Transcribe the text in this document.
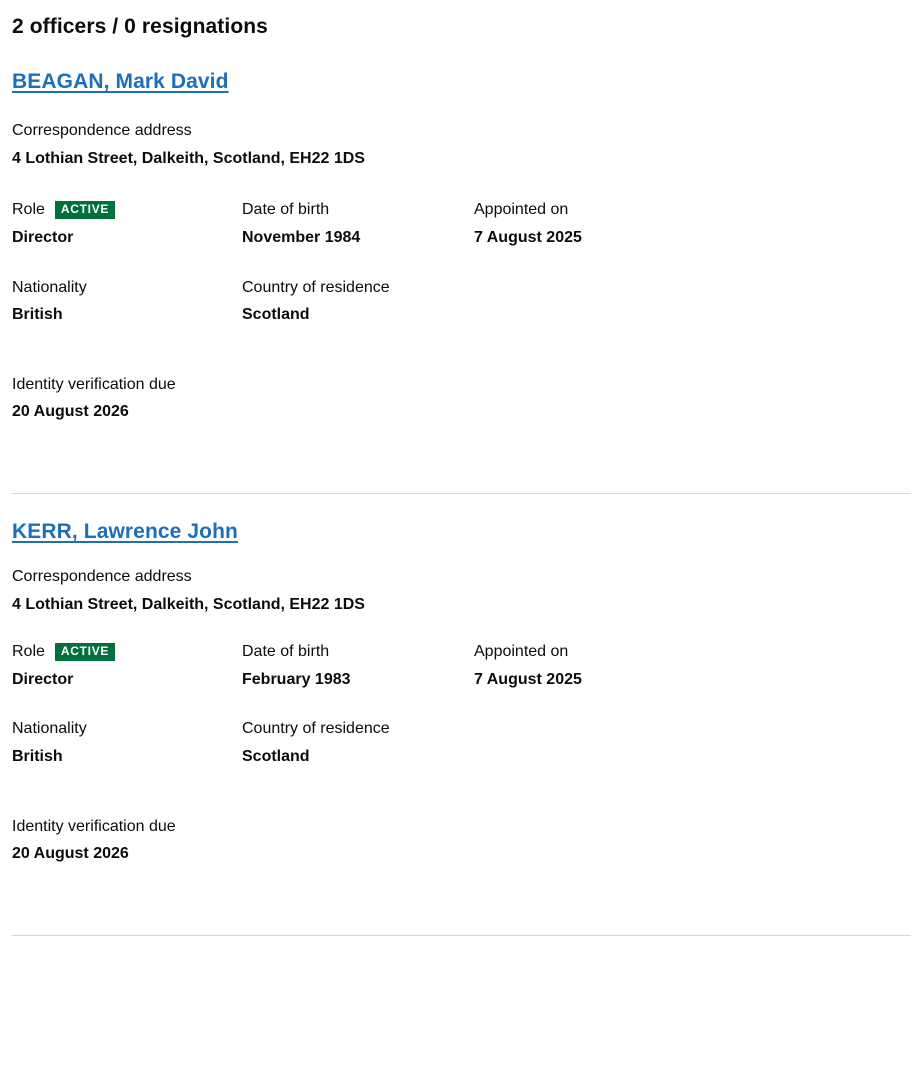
2 officers / 0 resignations
BEAGAN, Mark David
Correspondence address
4 Lothian Street, Dalkeith, Scotland, EH22 1DS
Role	ACTIVE
Director
Date of birth
November 1984
Appointed on
7 August 2025
Nationality
British
Country of residence
Scotland
Identity verification due
20 August 2026
KERR, Lawrence John
Correspondence address
4 Lothian Street, Dalkeith, Scotland, EH22 1DS
Role	ACTIVE
Director
Date of birth
February 1983
Appointed on
7 August 2025
Nationality
British
Country of residence
Scotland
Identity verification due
20 August 2026
